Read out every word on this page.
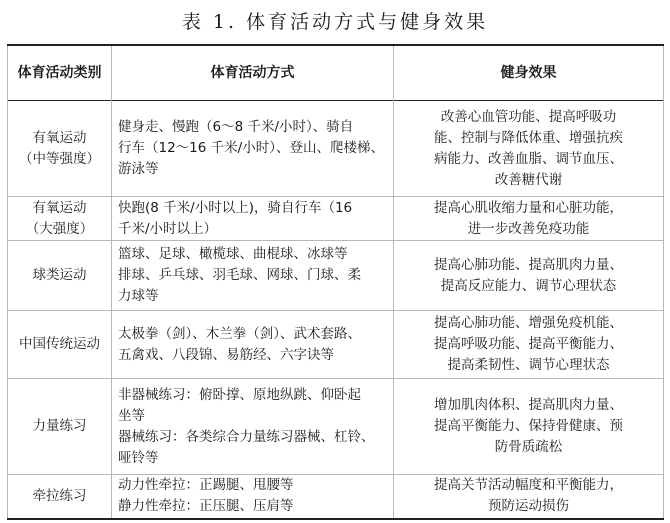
表 1. 体育活动方式与健身效果
体育活动类别	体育活动方式	健身效果

有氧运动
（中等强度）	健身走、慢跑（6～8 千米/小时）、骑自
行车（12～16 千米/小时）、登山、爬楼梯、
游泳等	改善心血管功能、提高呼吸功
能、控制与降低体重、增强抗疾
病能力、改善血脂、调节血压、
改善糖代谢

有氧运动
（大强度）	快跑(8 千米/小时以上)，骑自行车（16
千米/小时以上）	提高心肌收缩力量和心脏功能，
进一步改善免疫功能

球类运动	篮球、足球、橄榄球、曲棍球、冰球等
排球、乒乓球、羽毛球、网球、门球、柔
力球等	提高心肺功能、提高肌肉力量、
提高反应能力、调节心理状态

中国传统运动	太极拳（剑）、木兰拳（剑）、武术套路、
五禽戏、八段锦、易筋经、六字诀等	提高心肺功能、增强免疫机能、
提高呼吸功能、提高平衡能力、
提高柔韧性、调节心理状态

力量练习	非器械练习：俯卧撑、原地纵跳、仰卧起
坐等
器械练习：各类综合力量练习器械、杠铃、
哑铃等	增加肌肉体积、提高肌肉力量、
提高平衡能力、保持骨健康、预
防骨质疏松

牵拉练习	动力性牵拉：正踢腿、甩腰等
静力性牵拉：正压腿、压肩等	提高关节活动幅度和平衡能力，
预防运动损伤
